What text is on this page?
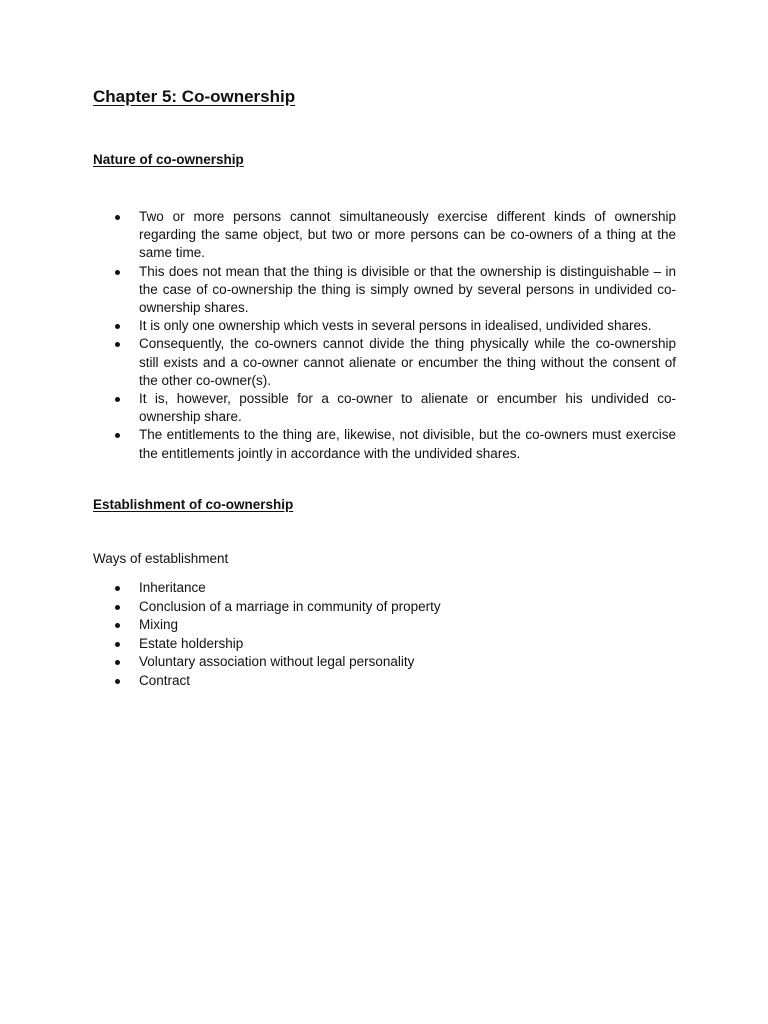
Chapter 5: Co-ownership
Nature of co-ownership
Two or more persons cannot simultaneously exercise different kinds of ownership regarding the same object, but two or more persons can be co-owners of a thing at the same time.
This does not mean that the thing is divisible or that the ownership is distinguishable – in the case of co-ownership the thing is simply owned by several persons in undivided co-ownership shares.
It is only one ownership which vests in several persons in idealised, undivided shares.
Consequently, the co-owners cannot divide the thing physically while the co-ownership still exists and a co-owner cannot alienate or encumber the thing without the consent of the other co-owner(s).
It is, however, possible for a co-owner to alienate or encumber his undivided co-ownership share.
The entitlements to the thing are, likewise, not divisible, but the co-owners must exercise the entitlements jointly in accordance with the undivided shares.
Establishment of co-ownership

Ways of establishment

Inheritance
Conclusion of a marriage in community of property
Mixing
Estate holdership
Voluntary association without legal personality
Contract
